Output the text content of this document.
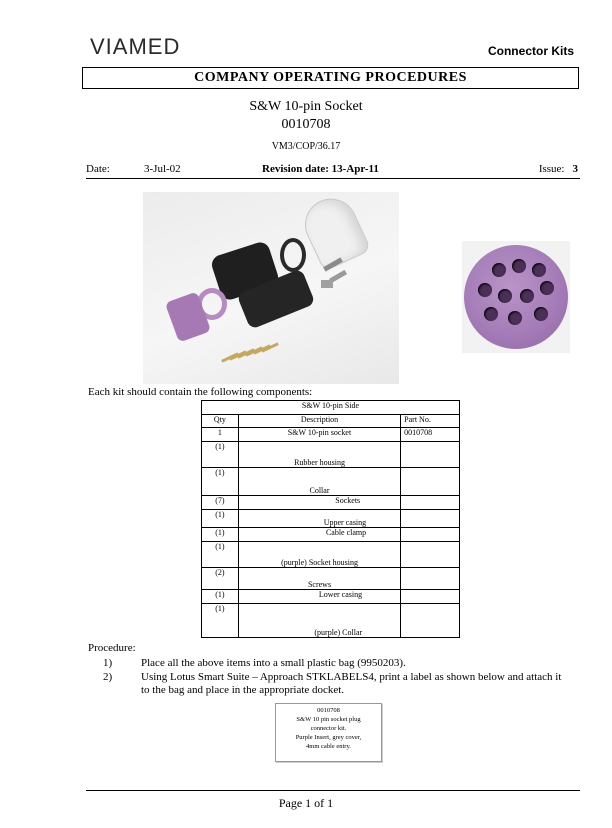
VIAMED	Connector Kits
COMPANY OPERATING PROCEDURES
S&W 10-pin Socket
0010708
VM3/COP/36.17
Date:	3-Jul-02	Revision date: 13-Apr-11	Issue: 3
Each kit should contain the following components:
S&W 10-pin Side		
Qty	Description	Part No.
1	S&W 10-pin socket	0010708
(1)	Rubber housing	
(1)	Collar	
(7)	Sockets	
(1)	Upper casing	
(1)	Cable clamp	
(1)	(purple) Socket housing	
(2)	Screws	
(1)	Lower casing	
(1)	(purple) Collar	
Procedure:
1)	Place all the above items into a small plastic bag (9950203).
2)	Using Lotus Smart Suite – Approach STKLABELS4, print a label as shown below and attach it to the bag and place in the appropriate docket.
0010708
S&W 10 pin socket plug
connector kit.
Purple Insert, grey cover,
4mm cable entry.
Page 1 of 1
